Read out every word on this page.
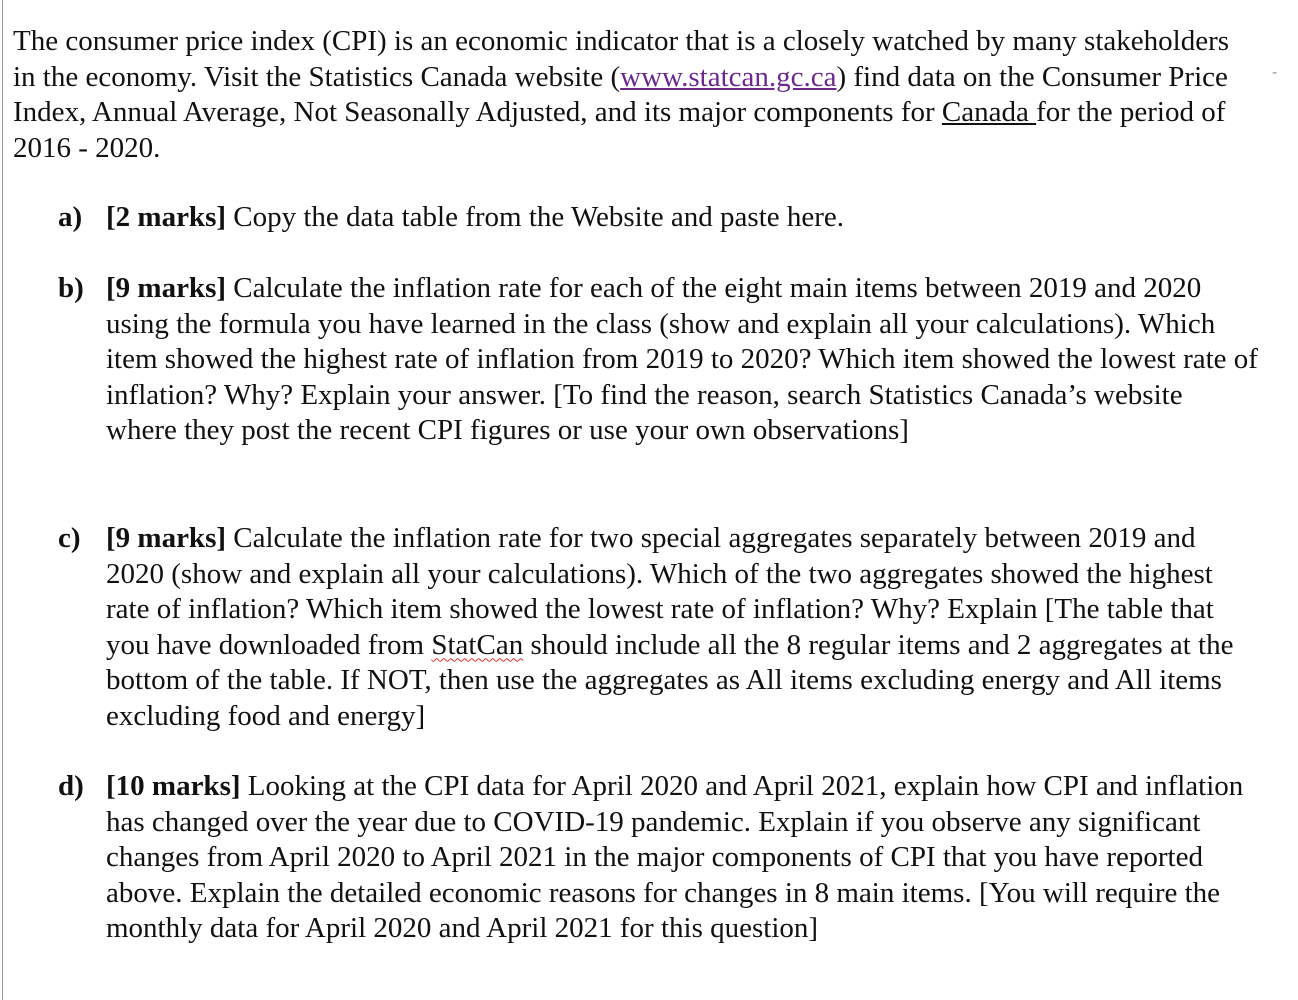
-

The consumer price index (CPI) is an economic indicator that is a closely watched by many stakeholders in the economy. Visit the Statistics Canada website (www.statcan.gc.ca) find data on the Consumer Price Index, Annual Average, Not Seasonally Adjusted, and its major components for Canada for the period of 2016 - 2020.

a) [2 marks] Copy the data table from the Website and paste here.
b) [9 marks] Calculate the inflation rate for each of the eight main items between 2019 and 2020 using the formula you have learned in the class (show and explain all your calculations). Which item showed the highest rate of inflation from 2019 to 2020? Which item showed the lowest rate of inflation? Why? Explain your answer. [To find the reason, search Statistics Canada’s website where they post the recent CPI figures or use your own observations]
c) [9 marks] Calculate the inflation rate for two special aggregates separately between 2019 and 2020 (show and explain all your calculations). Which of the two aggregates showed the highest rate of inflation? Which item showed the lowest rate of inflation? Why? Explain [The table that you have downloaded from StatCan should include all the 8 regular items and 2 aggregates at the bottom of the table. If NOT, then use the aggregates as All items excluding energy and All items excluding food and energy]
d) [10 marks] Looking at the CPI data for April 2020 and April 2021, explain how CPI and inflation has changed over the year due to COVID-19 pandemic. Explain if you observe any significant changes from April 2020 to April 2021 in the major components of CPI that you have reported above. Explain the detailed economic reasons for changes in 8 main items. [You will require the monthly data for April 2020 and April 2021 for this question]
